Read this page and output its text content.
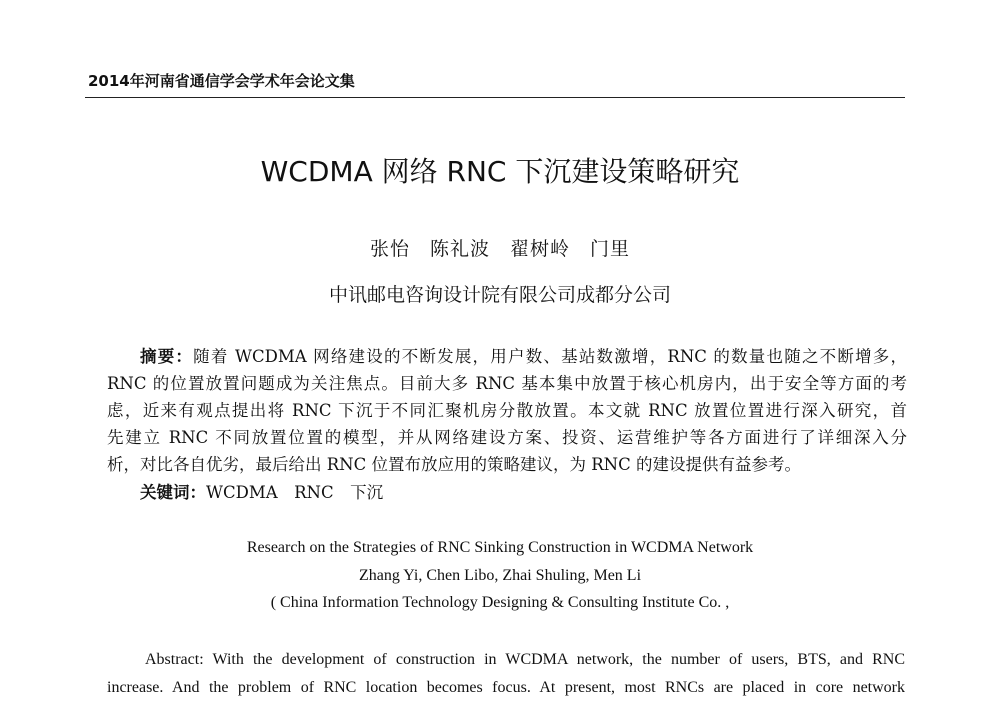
2014年河南省通信学会学术年会论文集
WCDMA 网络 RNC 下沉建设策略研究
张怡　陈礼波　翟树岭　门里
中讯邮电咨询设计院有限公司成都分公司
摘要：随着 WCDMA 网络建设的不断发展，用户数、基站数激增，RNC 的数量也随之不断增多，
RNC 的位置放置问题成为关注焦点。目前大多 RNC 基本集中放置于核心机房内，出于安全等方面的考
虑，近来有观点提出将 RNC 下沉于不同汇聚机房分散放置。本文就 RNC 放置位置进行深入研究，首
先建立 RNC 不同放置位置的模型，并从网络建设方案、投资、运营维护等各方面进行了详细深入分
析，对比各自优劣，最后给出 RNC 位置布放应用的策略建议，为 RNC 的建设提供有益参考。
关键词：WCDMA　RNC　下沉
Research on the Strategies of RNC Sinking Construction in WCDMA Network
Zhang Yi, Chen Libo, Zhai Shuling, Men Li
( China Information Technology Designing & Consulting Institute Co. ,
Abstract: With the development of construction in WCDMA network, the number of users, BTS, and RNC
increase. And the problem of RNC location becomes focus. At present, most RNCs are placed in core network
